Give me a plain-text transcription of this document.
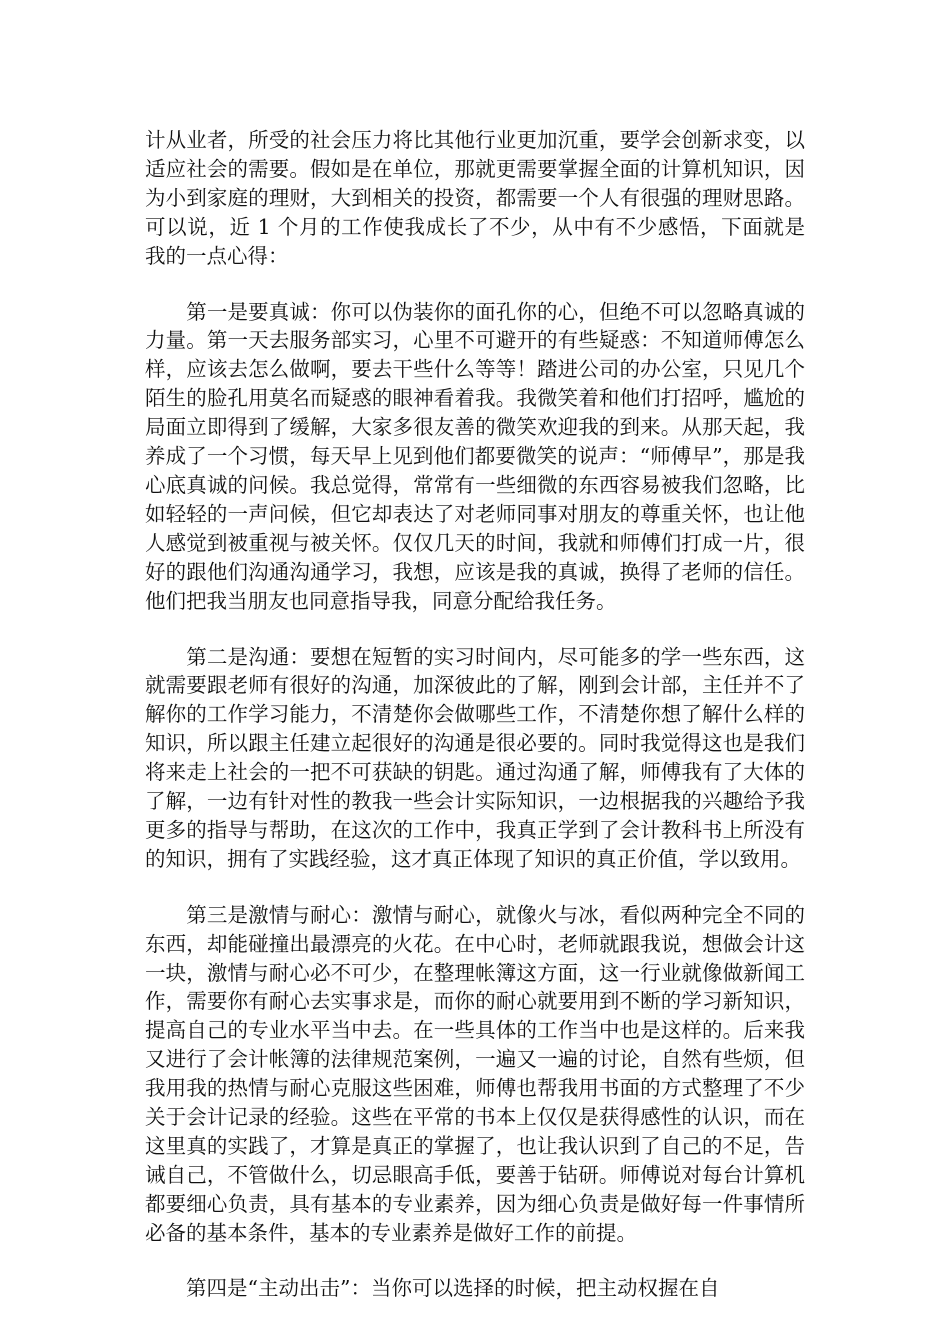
计从业者，所受的社会压力将比其他行业更加沉重，要学会创新求变，以适应社会的需要。假如是在单位，那就更需要掌握全面的计算机知识，因为小到家庭的理财，大到相关的投资，都需要一个人有很强的理财思路。可以说，近 1 个月的工作使我成长了不少，从中有不少感悟，下面就是我的一点心得：

　　第一是要真诚：你可以伪装你的面孔你的心，但绝不可以忽略真诚的力量。第一天去服务部实习，心里不可避开的有些疑惑：不知道师傅怎么样，应该去怎么做啊，要去干些什么等等！踏进公司的办公室，只见几个陌生的脸孔用莫名而疑惑的眼神看着我。我微笑着和他们打招呼，尴尬的局面立即得到了缓解，大家多很友善的微笑欢迎我的到来。从那天起，我养成了一个习惯，每天早上见到他们都要微笑的说声：“师傅早”，那是我心底真诚的问候。我总觉得，常常有一些细微的东西容易被我们忽略，比如轻轻的一声问候，但它却表达了对老师同事对朋友的尊重关怀，也让他人感觉到被重视与被关怀。仅仅几天的时间，我就和师傅们打成一片，很好的跟他们沟通沟通学习，我想，应该是我的真诚，换得了老师的信任。他们把我当朋友也同意指导我，同意分配给我任务。

　　第二是沟通：要想在短暂的实习时间内，尽可能多的学一些东西，这就需要跟老师有很好的沟通，加深彼此的了解，刚到会计部，主任并不了解你的工作学习能力，不清楚你会做哪些工作，不清楚你想了解什么样的知识，所以跟主任建立起很好的沟通是很必要的。同时我觉得这也是我们将来走上社会的一把不可获缺的钥匙。通过沟通了解，师傅我有了大体的了解，一边有针对性的教我一些会计实际知识，一边根据我的兴趣给予我更多的指导与帮助，在这次的工作中，我真正学到了会计教科书上所没有的知识，拥有了实践经验，这才真正体现了知识的真正价值，学以致用。

　　第三是激情与耐心：激情与耐心，就像火与冰，看似两种完全不同的东西，却能碰撞出最漂亮的火花。在中心时，老师就跟我说，想做会计这一块，激情与耐心必不可少，在整理帐簿这方面，这一行业就像做新闻工作，需要你有耐心去实事求是，而你的耐心就要用到不断的学习新知识，提高自己的专业水平当中去。在一些具体的工作当中也是这样的。后来我又进行了会计帐簿的法律规范案例，一遍又一遍的讨论，自然有些烦，但我用我的热情与耐心克服这些困难，师傅也帮我用书面的方式整理了不少关于会计记录的经验。这些在平常的书本上仅仅是获得感性的认识，而在这里真的实践了，才算是真正的掌握了，也让我认识到了自己的不足，告诫自己，不管做什么，切忌眼高手低，要善于钻研。师傅说对每台计算机都要细心负责，具有基本的专业素养，因为细心负责是做好每一件事情所必备的基本条件，基本的专业素养是做好工作的前提。

　　第四是“主动出击”：当你可以选择的时候，把主动权握在自
